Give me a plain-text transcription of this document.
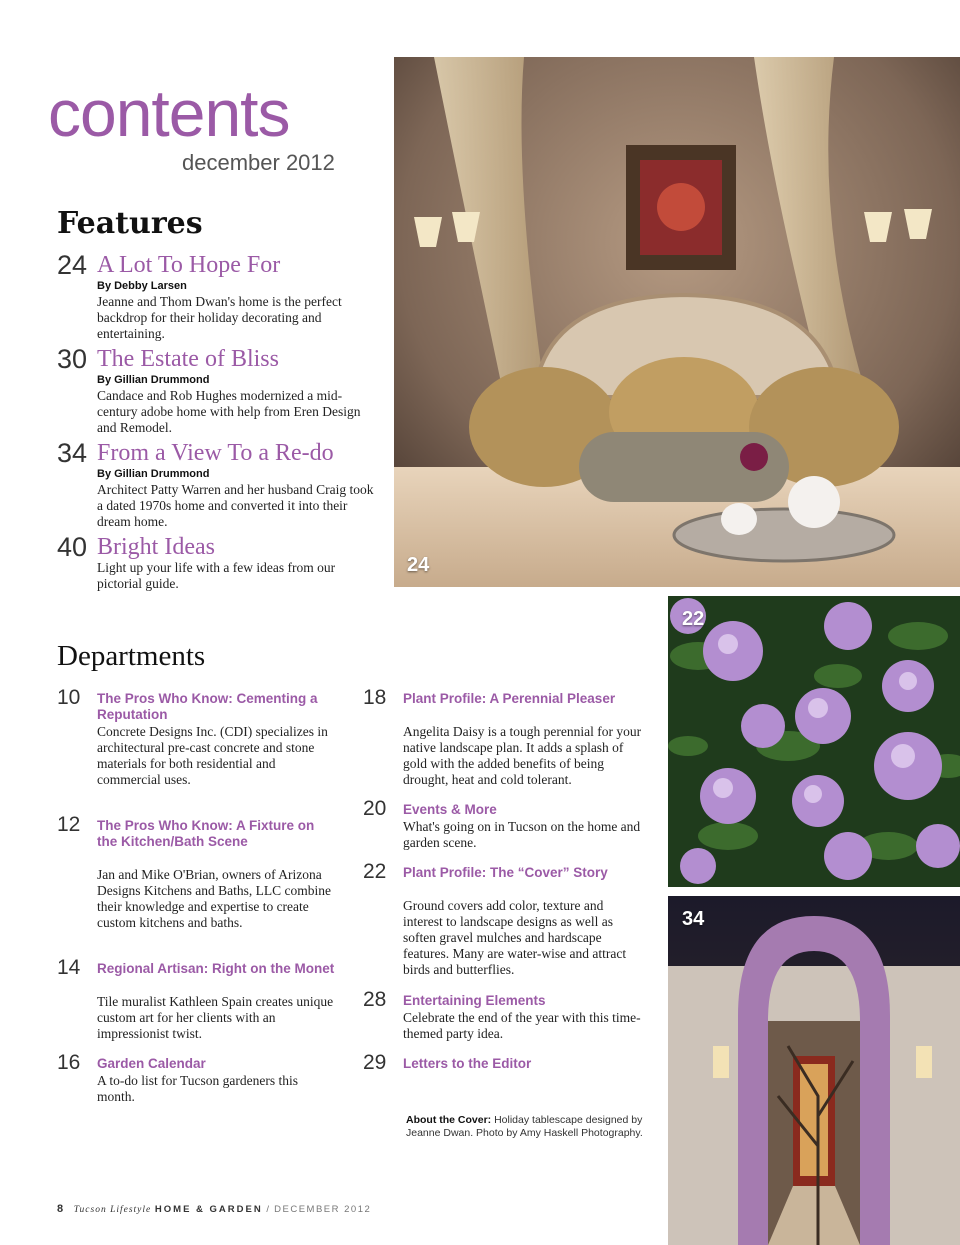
contents
december 2012
Features
24 A Lot To Hope For
By Debby Larsen
Jeanne and Thom Dwan's home is the perfect backdrop for their holiday decorating and entertaining.
30 The Estate of Bliss
By Gillian Drummond
Candace and Rob Hughes modernized a mid-century adobe home with help from Eren Design and Remodel.
34 From a View To a Re-do
By Gillian Drummond
Architect Patty Warren and her husband Craig took a dated 1970s home and converted it into their dream home.
40 Bright Ideas
Light up your life with a few ideas from our pictorial guide.
Departments
10 The Pros Who Know: Cementing a Reputation
Concrete Designs Inc. (CDI) specializes in architectural pre-cast concrete and stone materials for both residential and commercial uses.
12 The Pros Who Know: A Fixture on the Kitchen/Bath Scene
Jan and Mike O'Brian, owners of Arizona Designs Kitchens and Baths, LLC combine their knowledge and expertise to create custom kitchens and baths.
14 Regional Artisan: Right on the Monet
Tile muralist Kathleen Spain creates unique custom art for her clients with an impressionist twist.
16 Garden Calendar
A to-do list for Tucson gardeners this month.
18 Plant Profile: A Perennial Pleaser
Angelita Daisy is a tough perennial for your native landscape plan. It adds a splash of gold with the added benefits of being drought, heat and cold tolerant.
20 Events & More
What's going on in Tucson on the home and garden scene.
22 Plant Profile: The “Cover” Story
Ground covers add color, texture and interest to landscape designs as well as soften gravel mulches and hardscape features. Many are water-wise and attract birds and butterflies.
28 Entertaining Elements
Celebrate the end of the year with this time-themed party idea.
29 Letters to the Editor
About the Cover: Holiday tablescape designed by Jeanne Dwan. Photo by Amy Haskell Photography.
24
22
34
8 Tucson Lifestyle HOME & GARDEN / DECEMBER 2012
